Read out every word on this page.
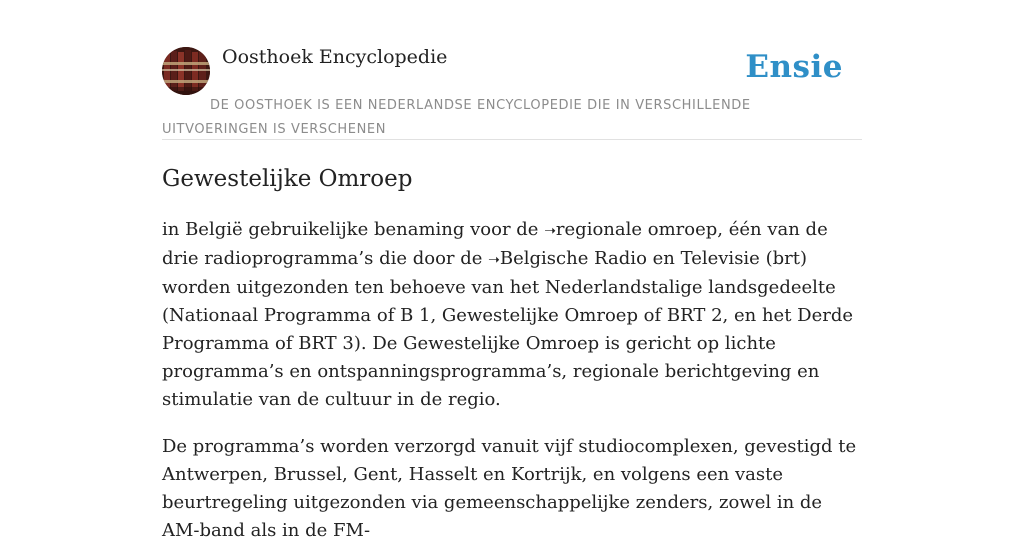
Oosthoek Encyclopedie	Ensie
DE OOSTHOEK IS EEN NEDERLANDSE ENCYCLOPEDIE DIE IN VERSCHILLENDE UITVOERINGEN IS VERSCHENEN
Gewestelijke Omroep

in België gebruikelijke benaming voor de ➝regionale omroep, één van de drie radioprogramma’s die door de ➝Belgische Radio en Televisie (brt) worden uitgezonden ten behoeve van het Nederlandstalige landsgedeelte (Nationaal Programma of B 1, Gewestelijke Omroep of BRT 2, en het Derde Programma of BRT 3). De Gewestelijke Omroep is gericht op lichte programma’s en ontspanningsprogramma’s, regionale berichtgeving en stimulatie van de cultuur in de regio.

De programma’s worden verzorgd vanuit vijf studiocomplexen, gevestigd te Antwerpen, Brussel, Gent, Hasselt en Kortrijk, en volgens een vaste beurtregeling uitgezonden via gemeenschappelijke zenders, zowel in de AM-band als in de FM-
